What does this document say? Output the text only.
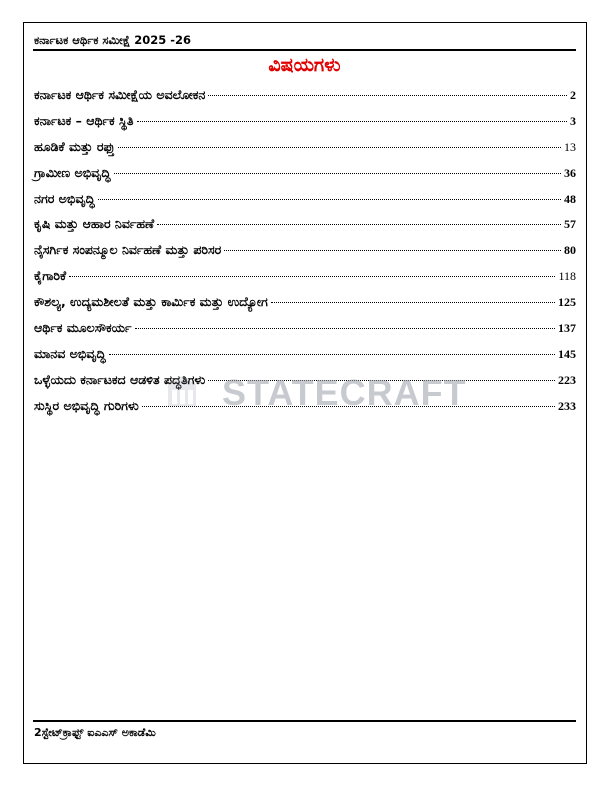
ಕರ್ನಾಟಕ ಆರ್ಥಿಕ ಸಮೀಕ್ಷೆ 2025 -26
ವಿಷಯಗಳು
ಕರ್ನಾಟಕ ಆರ್ಥಿಕ ಸಮೀಕ್ಷೆಯ ಅವಲೋಕನ	2
ಕರ್ನಾಟಕ – ಆರ್ಥಿಕ ಸ್ಥಿತಿ	3
ಹೂಡಿಕೆ ಮತ್ತು ರಫ್ತು	13
ಗ್ರಾಮೀಣ ಅಭಿವೃದ್ಧಿ	36
ನಗರ ಅಭಿವೃದ್ಧಿ	48
ಕೃಷಿ ಮತ್ತು ಆಹಾರ ನಿರ್ವಹಣೆ	57
ನೈಸರ್ಗಿಕ ಸಂಪನ್ಮೂಲ ನಿರ್ವಹಣೆ ಮತ್ತು ಪರಿಸರ	80
ಕೈಗಾರಿಕೆ	118
ಕೌಶಲ್ಯ, ಉದ್ಯಮಶೀಲತೆ ಮತ್ತು ಕಾರ್ಮಿಕ ಮತ್ತು ಉದ್ಯೋಗ	125
ಆರ್ಥಿಕ ಮೂಲಸೌಕರ್ಯ	137
ಮಾನವ ಅಭಿವೃದ್ಧಿ	145
ಒಳ್ಳೆಯದು ಕರ್ನಾಟಕದ ಆಡಳಿತ ಪದ್ಧತಿಗಳು	223
ಸುಸ್ಥಿರ ಅಭಿವೃದ್ಧಿ ಗುರಿಗಳು	233
STATECRAFT
2ಸ್ಟೇಟ್‌ಕ್ರಾಫ್ಟ್ ಐಎಎಸ್ ಅಕಾಡೆಮಿ
